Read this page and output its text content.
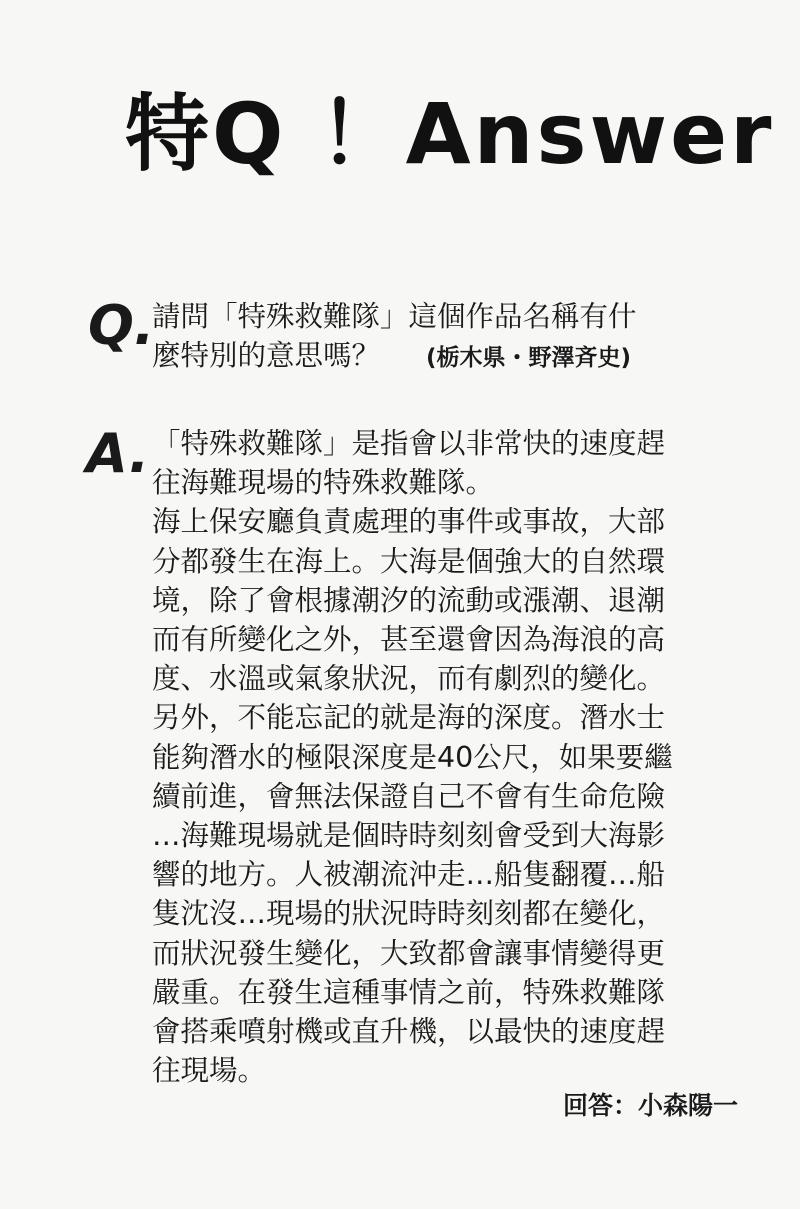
特Q ！Answer
Q.
請問「特殊救難隊」這個作品名稱有什
麼特別的意思嗎？ (栃木県・野澤斉史)
A. 「特殊救難隊」是指會以非常快的速度趕
往海難現場的特殊救難隊。
海上保安廳負責處理的事件或事故，大部
分都發生在海上。大海是個強大的自然環
境，除了會根據潮汐的流動或漲潮、退潮
而有所變化之外，甚至還會因為海浪的高
度、水溫或氣象狀況，而有劇烈的變化。
另外，不能忘記的就是海的深度。潛水士
能夠潛水的極限深度是40公尺，如果要繼
續前進，會無法保證自己不會有生命危險
…海難現場就是個時時刻刻會受到大海影
響的地方。人被潮流沖走…船隻翻覆…船
隻沈沒…現場的狀況時時刻刻都在變化，
而狀況發生變化，大致都會讓事情變得更
嚴重。在發生這種事情之前，特殊救難隊
會搭乘噴射機或直升機，以最快的速度趕
往現場。
回答：小森陽一
